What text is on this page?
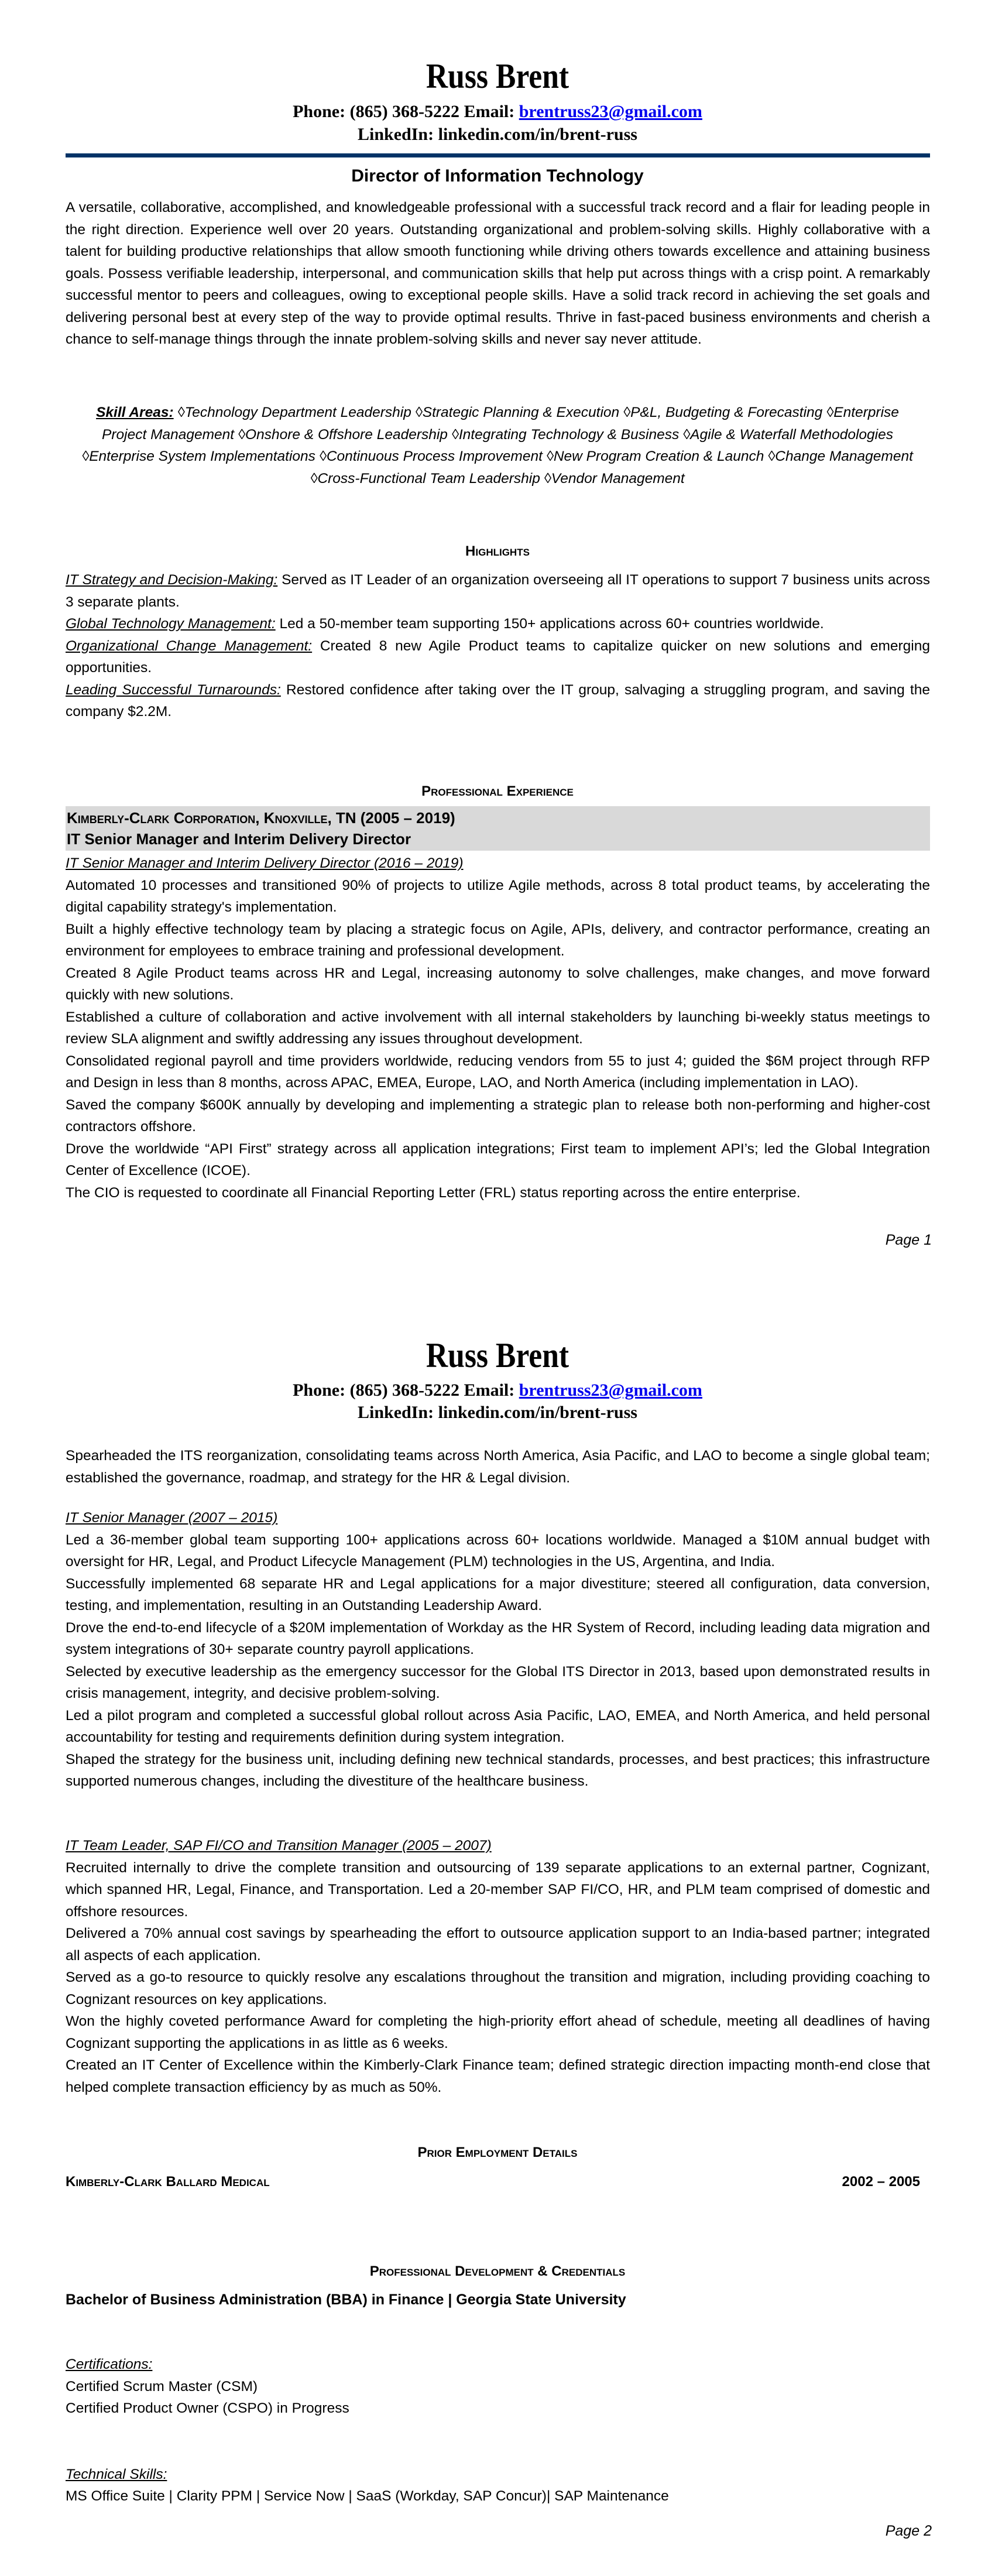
Russ Brent
Phone: (865) 368-5222 Email: brentruss23@gmail.com
LinkedIn: linkedin.com/in/brent-russ
Director of Information Technology

A versatile, collaborative, accomplished, and knowledgeable professional with a successful track record and a flair for leading people in the right direction. Experience well over 20 years. Outstanding organizational and problem-solving skills. Highly collaborative with a talent for building productive relationships that allow smooth functioning while driving others towards excellence and attaining business goals. Possess verifiable leadership, interpersonal, and communication skills that help put across things with a crisp point. A remarkably successful mentor to peers and colleagues, owing to exceptional people skills. Have a solid track record in achieving the set goals and delivering personal best at every step of the way to provide optimal results. Thrive in fast-paced business environments and cherish a chance to self-manage things through the innate problem-solving skills and never say never attitude.

Skill Areas: ◊Technology Department Leadership ◊Strategic Planning & Execution ◊P&L, Budgeting & Forecasting ◊Enterprise Project Management ◊Onshore & Offshore Leadership ◊Integrating Technology & Business ◊Agile & Waterfall Methodologies ◊Enterprise System Implementations ◊Continuous Process Improvement ◊New Program Creation & Launch ◊Change Management ◊Cross-Functional Team Leadership ◊Vendor Management
Highlights

IT Strategy and Decision-Making: Served as IT Leader of an organization overseeing all IT operations to support 7 business units across 3 separate plants.

Global Technology Management: Led a 50-member team supporting 150+ applications across 60+ countries worldwide.

Organizational Change Management: Created 8 new Agile Product teams to capitalize quicker on new solutions and emerging opportunities.

Leading Successful Turnarounds: Restored confidence after taking over the IT group, salvaging a struggling program, and saving the company $2.2M.

Professional Experience
Kimberly-Clark Corporation, Knoxville, TN (2005 – 2019)
IT Senior Manager and Interim Delivery Director
IT Senior Manager and Interim Delivery Director (2016 – 2019)

Automated 10 processes and transitioned 90% of projects to utilize Agile methods, across 8 total product teams, by accelerating the digital capability strategy's implementation.

Built a highly effective technology team by placing a strategic focus on Agile, APIs, delivery, and contractor performance, creating an environment for employees to embrace training and professional development.

Created 8 Agile Product teams across HR and Legal, increasing autonomy to solve challenges, make changes, and move forward quickly with new solutions.

Established a culture of collaboration and active involvement with all internal stakeholders by launching bi-weekly status meetings to review SLA alignment and swiftly addressing any issues throughout development.

Consolidated regional payroll and time providers worldwide, reducing vendors from 55 to just 4; guided the $6M project through RFP and Design in less than 8 months, across APAC, EMEA, Europe, LAO, and North America (including implementation in LAO).

Saved the company $600K annually by developing and implementing a strategic plan to release both non-performing and higher-cost contractors offshore.

Drove the worldwide “API First” strategy across all application integrations; First team to implement API’s; led the Global Integration Center of Excellence (ICOE).

The CIO is requested to coordinate all Financial Reporting Letter (FRL) status reporting across the entire enterprise.

Page 1
Russ Brent
Phone: (865) 368-5222 Email: brentruss23@gmail.com
LinkedIn: linkedin.com/in/brent-russ

Spearheaded the ITS reorganization, consolidating teams across North America, Asia Pacific, and LAO to become a single global team; established the governance, roadmap, and strategy for the HR & Legal division.

IT Senior Manager (2007 – 2015)

Led a 36-member global team supporting 100+ applications across 60+ locations worldwide. Managed a $10M annual budget with oversight for HR, Legal, and Product Lifecycle Management (PLM) technologies in the US, Argentina, and India.

Successfully implemented 68 separate HR and Legal applications for a major divestiture; steered all configuration, data conversion, testing, and implementation, resulting in an Outstanding Leadership Award.

Drove the end-to-end lifecycle of a $20M implementation of Workday as the HR System of Record, including leading data migration and system integrations of 30+ separate country payroll applications.

Selected by executive leadership as the emergency successor for the Global ITS Director in 2013, based upon demonstrated results in crisis management, integrity, and decisive problem-solving.

Led a pilot program and completed a successful global rollout across Asia Pacific, LAO, EMEA, and North America, and held personal accountability for testing and requirements definition during system integration.

Shaped the strategy for the business unit, including defining new technical standards, processes, and best practices; this infrastructure supported numerous changes, including the divestiture of the healthcare business.

IT Team Leader, SAP FI/CO and Transition Manager (2005 – 2007)

Recruited internally to drive the complete transition and outsourcing of 139 separate applications to an external partner, Cognizant, which spanned HR, Legal, Finance, and Transportation. Led a 20-member SAP FI/CO, HR, and PLM team comprised of domestic and offshore resources.

Delivered a 70% annual cost savings by spearheading the effort to outsource application support to an India-based partner; integrated all aspects of each application.

Served as a go-to resource to quickly resolve any escalations throughout the transition and migration, including providing coaching to Cognizant resources on key applications.

Won the highly coveted performance Award for completing the high-priority effort ahead of schedule, meeting all deadlines of having Cognizant supporting the applications in as little as 6 weeks.

Created an IT Center of Excellence within the Kimberly-Clark Finance team; defined strategic direction impacting month-end close that helped complete transaction efficiency by as much as 50%.

Prior Employment Details
Kimberly-Clark Ballard Medical	2002 – 2005
Professional Development & Credentials
Bachelor of Business Administration (BBA) in Finance | Georgia State University
Certifications:
Certified Scrum Master (CSM)
Certified Product Owner (CSPO) in Progress
Technical Skills:
MS Office Suite | Clarity PPM | Service Now | SaaS (Workday, SAP Concur)| SAP Maintenance
Page 2
